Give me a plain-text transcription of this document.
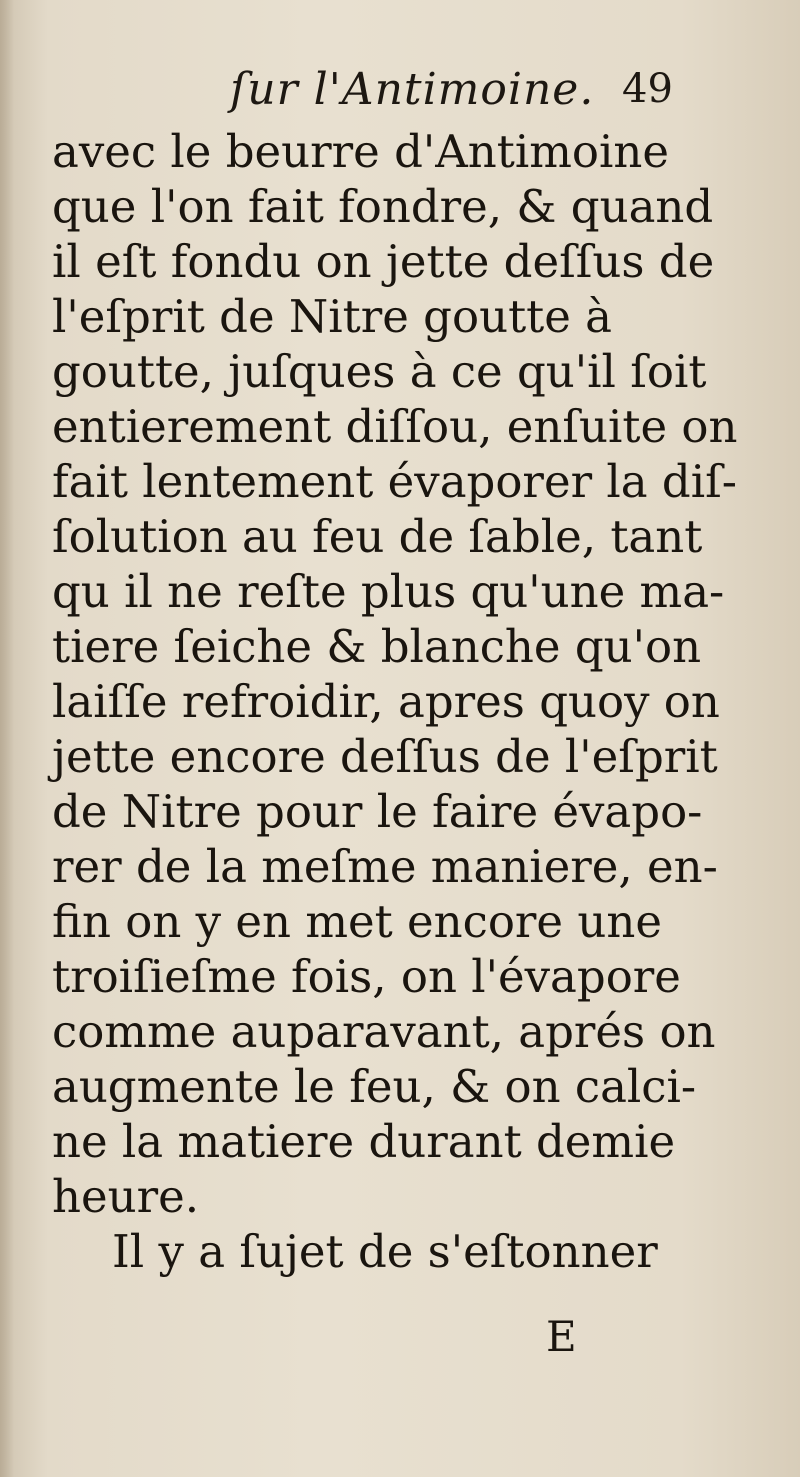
ſur l'Antimoine. 49
avec le beurre d'Antimoine
que l'on fait fondre, & quand
il eſt fondu on jette deſſus de
l'eſprit de Nitre goutte à
goutte, juſques à ce qu'il ſoit
entierement diſſou, enſuite on
fait lentement évaporer la diſ-
ſolution au feu de ſable, tant
qu il ne reſte plus qu'une ma-
tiere ſeiche & blanche qu'on
laiſſe refroidir, apres quoy on
jette encore deſſus de l'eſprit
de Nitre pour le faire évapo-
rer de la meſme maniere, en-
fin on y en met encore une
troiſieſme fois, on l'évapore
comme auparavant, aprés on
augmente le feu, & on calci-
ne la matiere durant demie
heure.
Il y a ſujet de s'eſtonner
E
